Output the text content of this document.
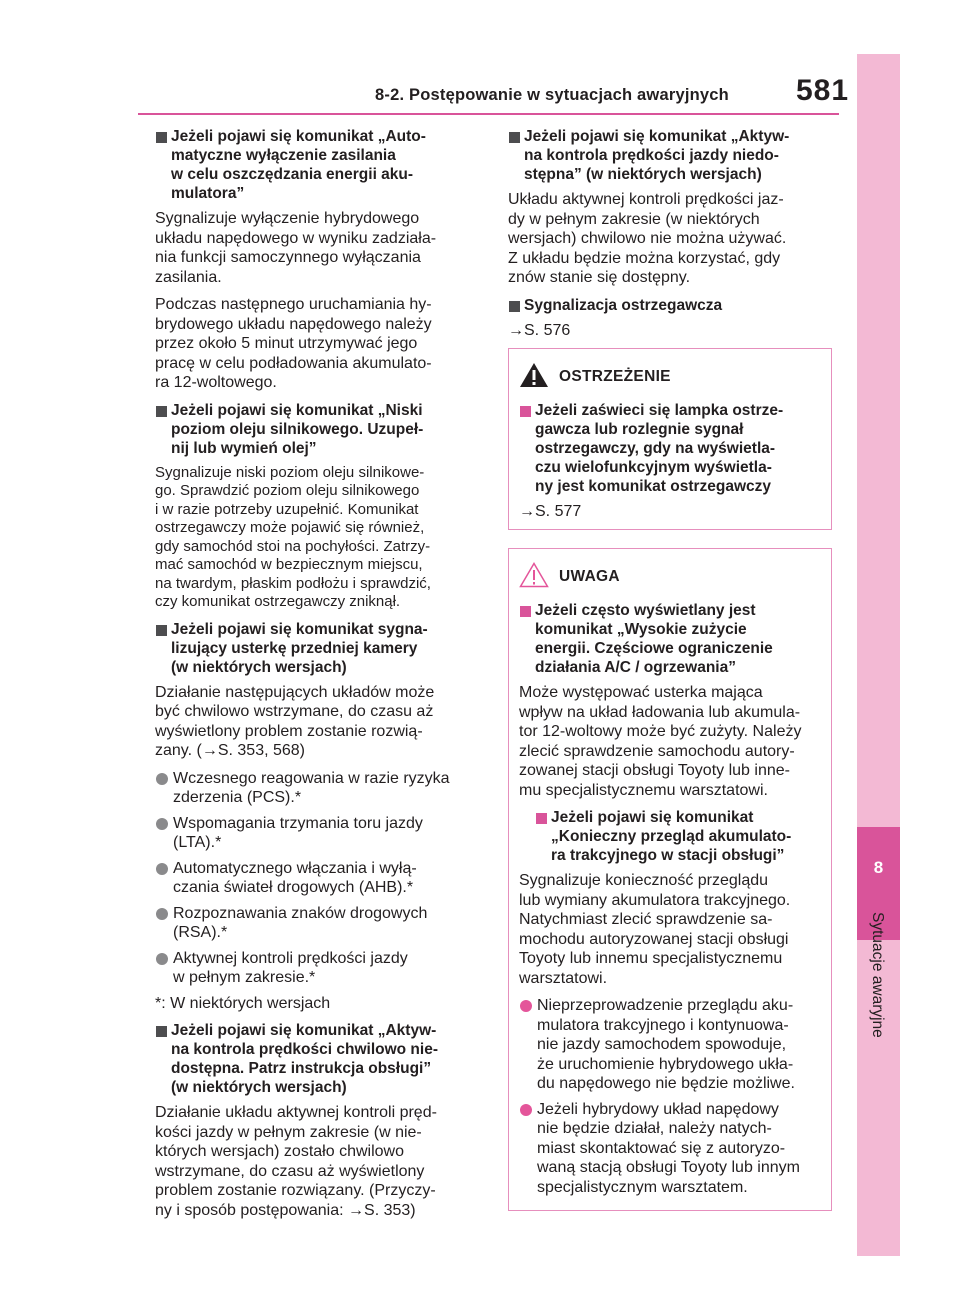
8-2. Postępowanie w sytuacjach awaryjnych 581
8
Sytuacje awaryjne
Jeżeli pojawi się komunikat „Auto-
matyczne wyłączenie zasilania
w celu oszczędzania energii aku-
mulatora”
Sygnalizuje wyłączenie hybrydowego
układu napędowego w wyniku zadziała-
nia funkcji samoczynnego wyłączania
zasilania.
Podczas następnego uruchamiania hy-
brydowego układu napędowego należy
przez około 5 minut utrzymywać jego
pracę w celu podładowania akumulato-
ra 12-woltowego.
Jeżeli pojawi się komunikat „Niski
poziom oleju silnikowego. Uzupeł-
nij lub wymień olej”
Sygnalizuje niski poziom oleju silnikowe-
go. Sprawdzić poziom oleju silnikowego
i w razie potrzeby uzupełnić. Komunikat
ostrzegawczy może pojawić się również,
gdy samochód stoi na pochyłości. Zatrzy-
mać samochód w bezpiecznym miejscu,
na twardym, płaskim podłożu i sprawdzić,
czy komunikat ostrzegawczy zniknął.
Jeżeli pojawi się komunikat sygna-
lizujący usterkę przedniej kamery
(w niektórych wersjach)
Działanie następujących układów może
być chwilowo wstrzymane, do czasu aż
wyświetlony problem zostanie rozwią-
zany. (→S. 353, 568)
Wczesnego reagowania w razie ryzyka
zderzenia (PCS).*
Wspomagania trzymania toru jazdy
(LTA).*
Automatycznego włączania i wyłą-
czania świateł drogowych (AHB).*
Rozpoznawania znaków drogowych
(RSA).*
Aktywnej kontroli prędkości jazdy
w pełnym zakresie.*
*: W niektórych wersjach
Jeżeli pojawi się komunikat „Aktyw-
na kontrola prędkości chwilowo nie-
dostępna. Patrz instrukcja obsługi”
(w niektórych wersjach)
Działanie układu aktywnej kontroli pręd-
kości jazdy w pełnym zakresie (w nie-
których wersjach) zostało chwilowo
wstrzymane, do czasu aż wyświetlony
problem zostanie rozwiązany. (Przyczy-
ny i sposób postępowania: →S. 353)
Jeżeli pojawi się komunikat „Aktyw-
na kontrola prędkości jazdy niedo-
stępna” (w niektórych wersjach)
Układu aktywnej kontroli prędkości jaz-
dy w pełnym zakresie (w niektórych
wersjach) chwilowo nie można używać.
Z układu będzie można korzystać, gdy
znów stanie się dostępny.
Sygnalizacja ostrzegawcza
→S. 576
OSTRZEŻENIE
Jeżeli zaświeci się lampka ostrze-
gawcza lub rozlegnie sygnał
ostrzegawczy, gdy na wyświetla-
czu wielofunkcyjnym wyświetla-
ny jest komunikat ostrzegawczy
→S. 577
UWAGA
Jeżeli często wyświetlany jest
komunikat „Wysokie zużycie
energii. Częściowe ograniczenie
działania A/C / ogrzewania”
Może występować usterka mająca
wpływ na układ ładowania lub akumula-
tor 12-woltowy może być zużyty. Należy
zlecić sprawdzenie samochodu autory-
zowanej stacji obsługi Toyoty lub inne-
mu specjalistycznemu warsztatowi.
Jeżeli pojawi się komunikat
„Konieczny przegląd akumulato-
ra trakcyjnego w stacji obsługi”
Sygnalizuje konieczność przeglądu
lub wymiany akumulatora trakcyjnego.
Natychmiast zlecić sprawdzenie sa-
mochodu autoryzowanej stacji obsługi
Toyoty lub innemu specjalistycznemu
warsztatowi.
Nieprzeprowadzenie przeglądu aku-
mulatora trakcyjnego i kontynuowa-
nie jazdy samochodem spowoduje,
że uruchomienie hybrydowego ukła-
du napędowego nie będzie możliwe.
Jeżeli hybrydowy układ napędowy
nie będzie działał, należy natych-
miast skontaktować się z autoryzo-
waną stacją obsługi Toyoty lub innym
specjalistycznym warsztatem.
